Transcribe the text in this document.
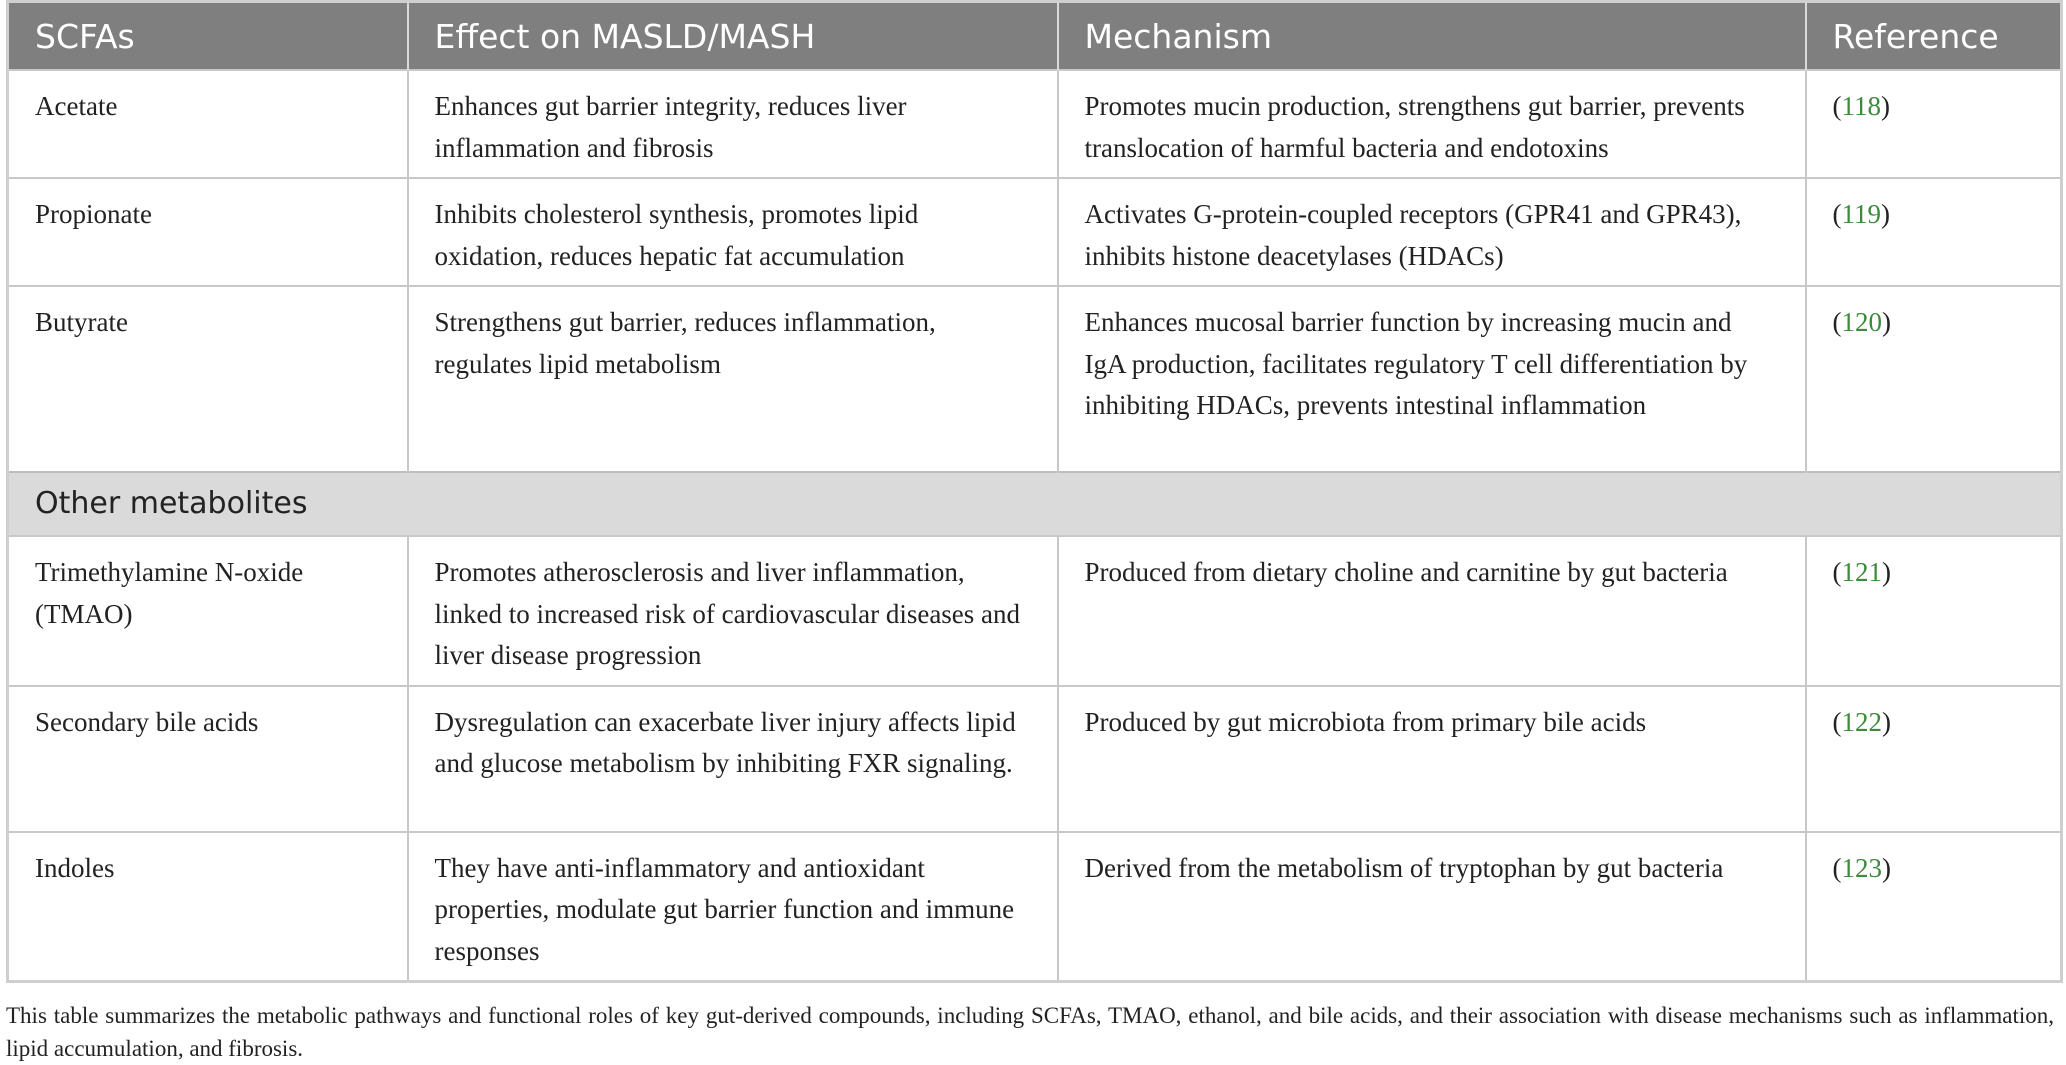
SCFAs	Effect on MASLD/MASH	Mechanism	Reference
Acetate	Enhances gut barrier integrity, reduces liver inflammation and fibrosis	Promotes mucin production, strengthens gut barrier, prevents translocation of harmful bacteria and endotoxins	(118)
Propionate	Inhibits cholesterol synthesis, promotes lipid oxidation, reduces hepatic fat accumulation	Activates G-protein-coupled receptors (GPR41 and GPR43), inhibits histone deacetylases (HDACs)	(119)
Butyrate	Strengthens gut barrier, reduces inflammation, regulates lipid metabolism	Enhances mucosal barrier function by increasing mucin and IgA production, facilitates regulatory T cell differentiation by inhibiting HDACs, prevents intestinal inflammation	(120)
Other metabolites			
Trimethylamine N-oxide (TMAO)	Promotes atherosclerosis and liver inflammation, linked to increased risk of cardiovascular diseases and liver disease progression	Produced from dietary choline and carnitine by gut bacteria	(121)
Secondary bile acids	Dysregulation can exacerbate liver injury affects lipid and glucose metabolism by inhibiting FXR signaling.	Produced by gut microbiota from primary bile acids	(122)
Indoles	They have anti-inflammatory and antioxidant properties, modulate gut barrier function and immune responses	Derived from the metabolism of tryptophan by gut bacteria	(123)

This table summarizes the metabolic pathways and functional roles of key gut-derived compounds, including SCFAs, TMAO, ethanol, and bile acids, and their association with disease mechanisms such as inflammation, lipid accumulation, and fibrosis.
